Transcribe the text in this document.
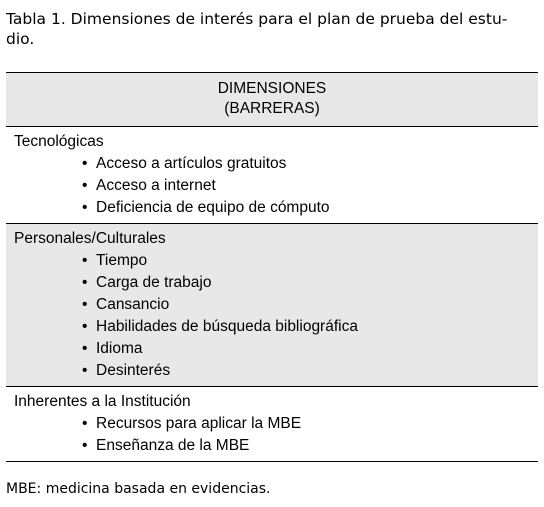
Tabla 1. Dimensiones de interés para el plan de prueba del estu-
dio.
DIMENSIONES
(BARRERAS)
Tecnológicas
• Acceso a artículos gratuitos
• Acceso a internet
• Deficiencia de equipo de cómputo
Personales/Culturales
• Tiempo
• Carga de trabajo
• Cansancio
• Habilidades de búsqueda bibliográfica
• Idioma
• Desinterés
Inherentes a la Institución
• Recursos para aplicar la MBE
• Enseñanza de la MBE
MBE: medicina basada en evidencias.
